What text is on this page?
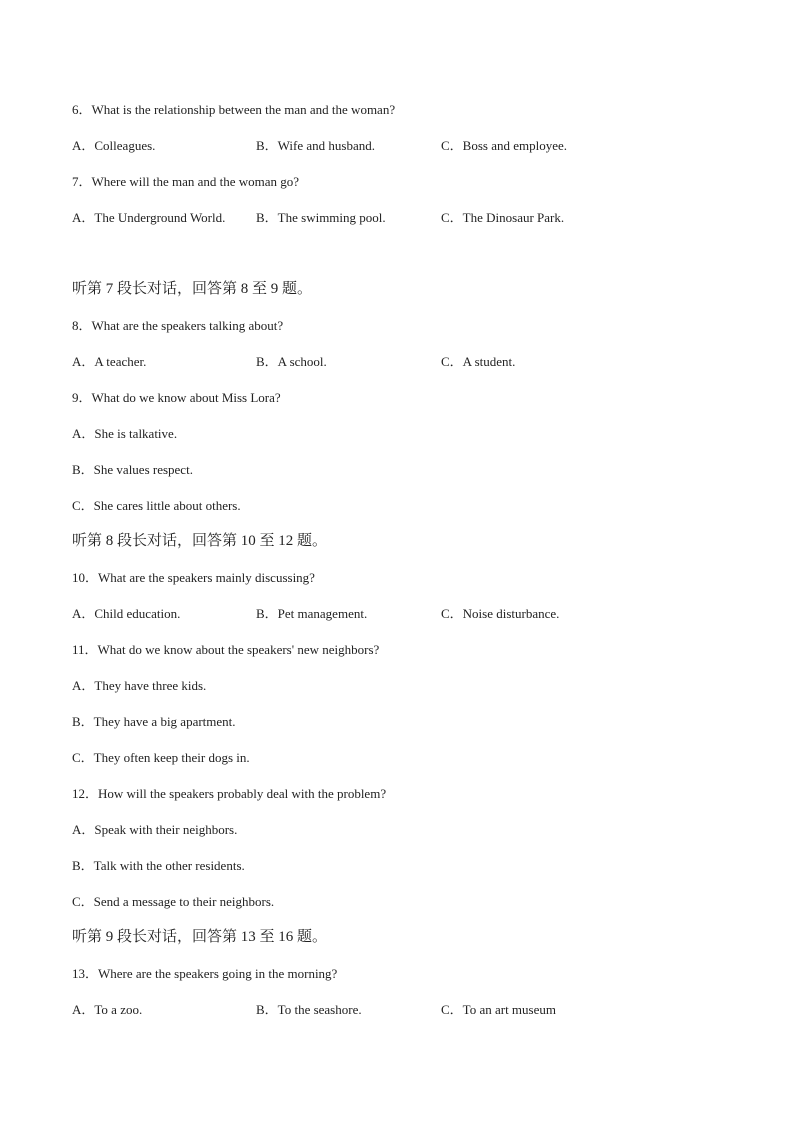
6．What is the relationship between the man and the woman?
A．Colleagues.	B．Wife and husband.	C．Boss and employee.
7．Where will the man and the woman go?
A．The Underground World. B．The swimming pool.	C．The Dinosaur Park.
听第 7 段长对话，回答第 8 至 9 题。
8．What are the speakers talking about?
A．A teacher.	B．A school.	C．A student.
9．What do we know about Miss Lora?
A．She is talkative.
B．She values respect.
C．She cares little about others.
听第 8 段长对话，回答第 10 至 12 题。
10．What are the speakers mainly discussing?
A．Child education.	B．Pet management.	C．Noise disturbance.
11．What do we know about the speakers' new neighbors?
A．They have three kids.
B．They have a big apartment.
C．They often keep their dogs in.
12．How will the speakers probably deal with the problem?
A．Speak with their neighbors.
B．Talk with the other residents.
C．Send a message to their neighbors.
听第 9 段长对话，回答第 13 至 16 题。
13．Where are the speakers going in the morning?
A．To a zoo.	B．To the seashore.	C．To an art museum
